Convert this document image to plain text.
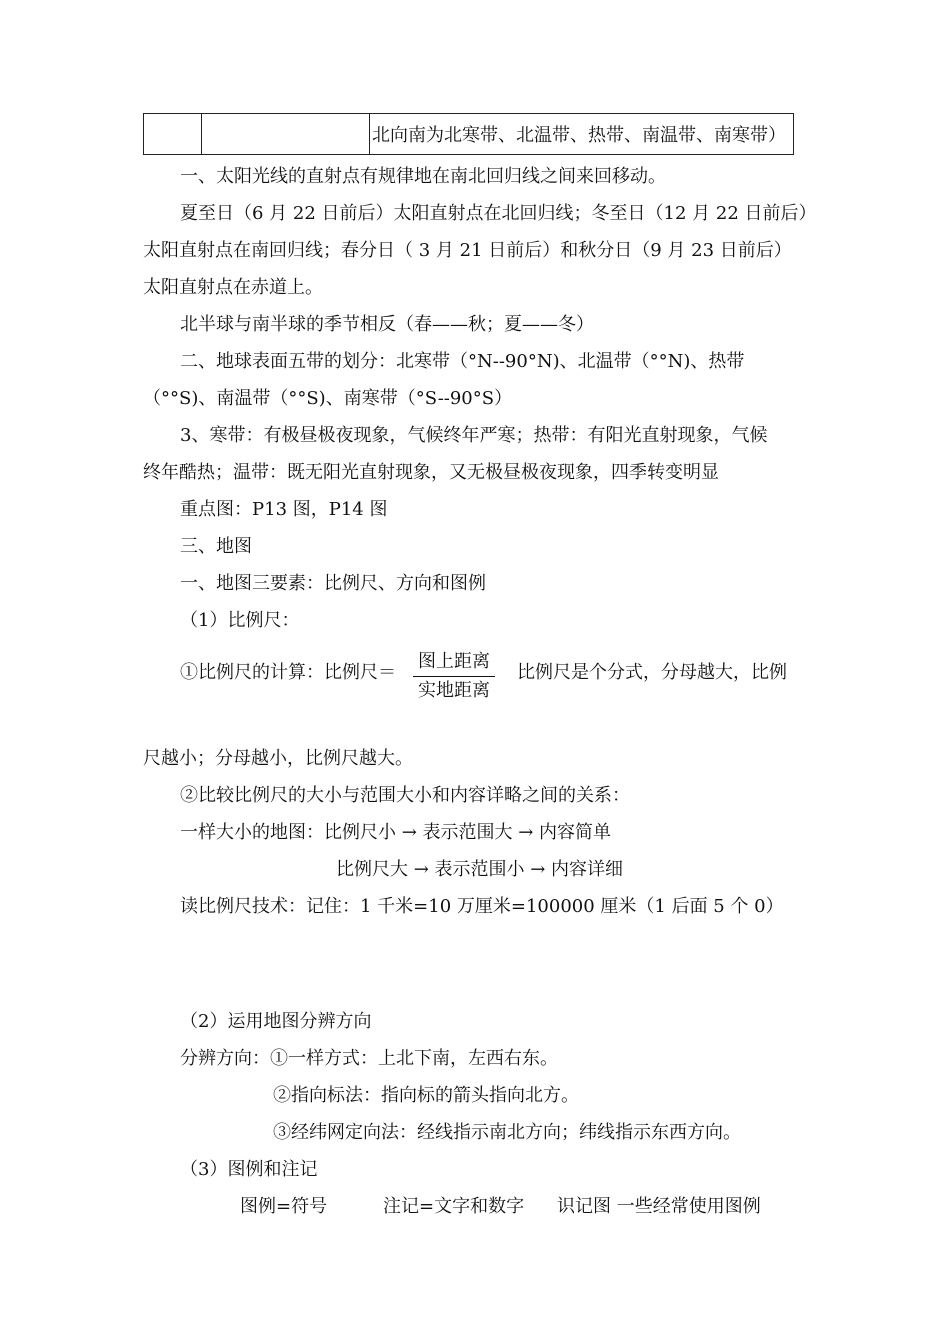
		北向南为北寒带、北温带、热带、南温带、南寒带）
一、太阳光线的直射点有规律地在南北回归线之间来回移动。
夏至日（6 月 22 日前后）太阳直射点在北回归线；冬至日（12 月 22 日前后）
太阳直射点在南回归线；春分日（ 3 月 21 日前后）和秋分日（9 月 23 日前后）
太阳直射点在赤道上。
北半球与南半球的季节相反（春——秋；夏——冬）
二、地球表面五带的划分：北寒带（°N--90°N)、北温带（°°N)、热带
（°°S)、南温带（°°S)、南寒带（°S--90°S）
3、寒带：有极昼极夜现象，气候终年严寒；热带：有阳光直射现象，气候
终年酷热；温带：既无阳光直射现象，又无极昼极夜现象，四季转变明显
重点图：P13 图，P14 图
三、地图
一、地图三要素：比例尺、方向和图例
（1）比例尺：
①比例尺的计算：比例尺＝
图上距离
实地距离
比例尺是个分式，分母越大，比例
尺越小；分母越小，比例尺越大。
②比较比例尺的大小与范围大小和内容详略之间的关系：
一样大小的地图：比例尺小 → 表示范围大 → 内容简单
比例尺大 → 表示范围小 → 内容详细
读比例尺技术：记住：1 千米=10 万厘米=100000 厘米（1 后面 5 个 0）
（2）运用地图分辨方向
分辨方向：①一样方式：上北下南，左西右东。
②指向标法：指向标的箭头指向北方。
③经纬网定向法：经线指示南北方向；纬线指示东西方向。
（3）图例和注记
图例=符号	注记=文字和数字 识记图 一些经常使用图例
